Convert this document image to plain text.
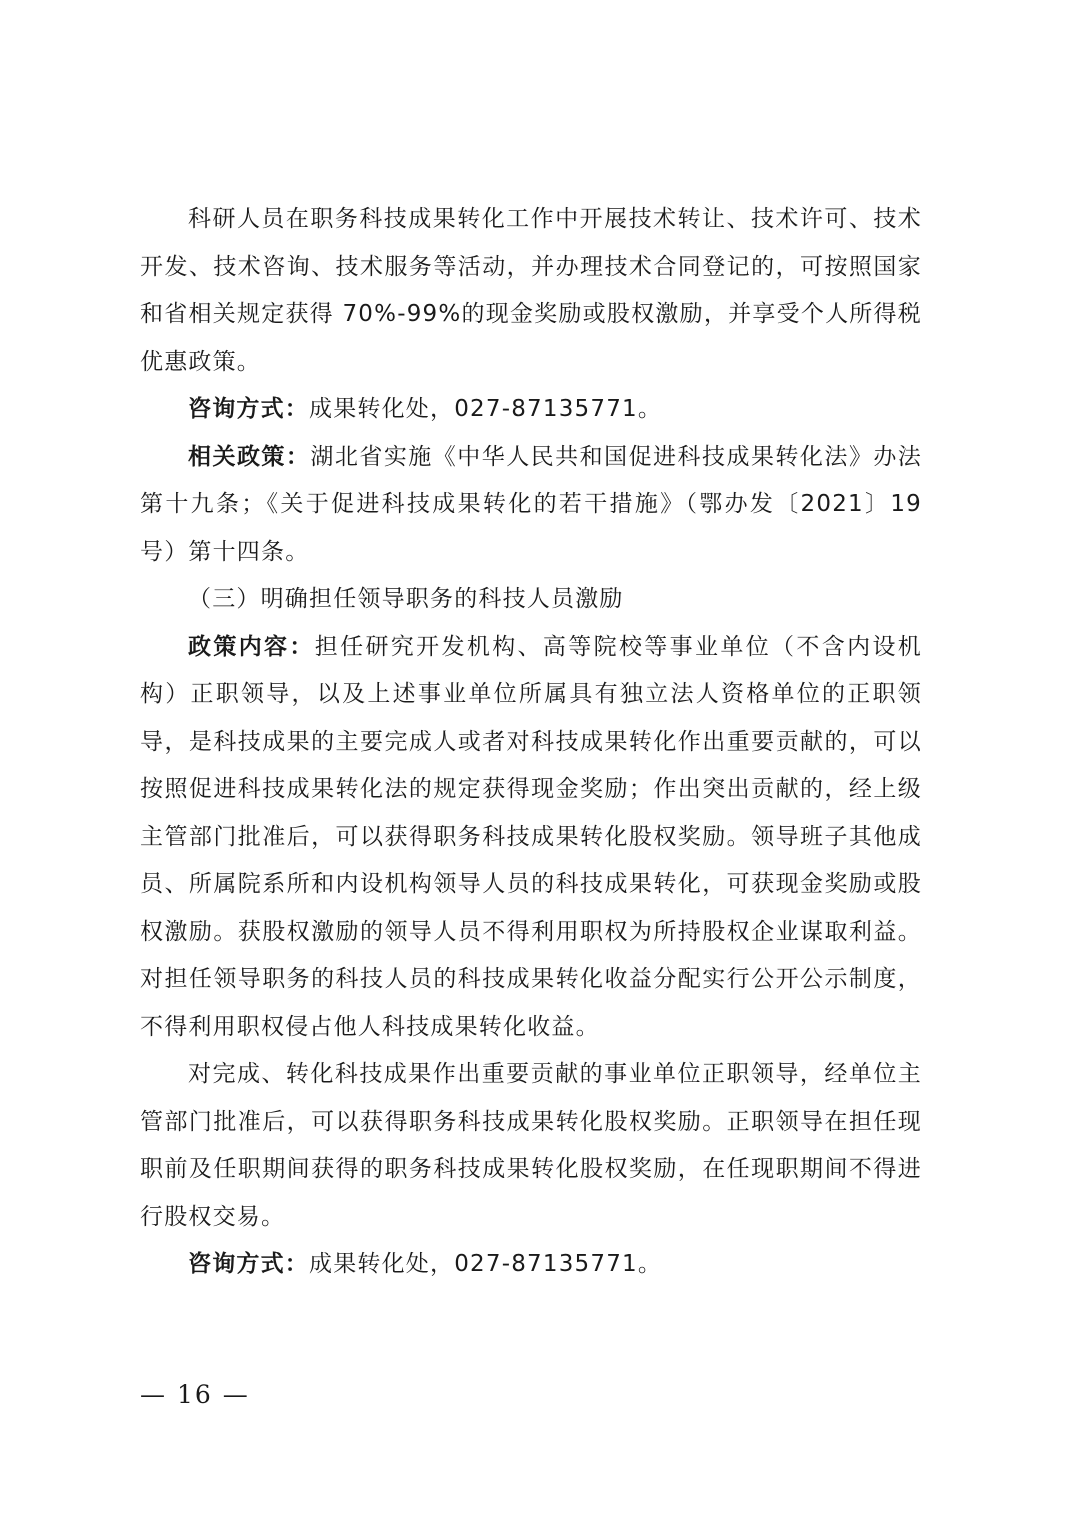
科研人员在职务科技成果转化工作中开展技术转让、技术许可、技术开发、技术咨询、技术服务等活动，并办理技术合同登记的，可按照国家和省相关规定获得 70%-99%的现金奖励或股权激励，并享受个人所得税优惠政策。

咨询方式：成果转化处，027-87135771。

相关政策：湖北省实施《中华人民共和国促进科技成果转化法》办法第十九条；《关于促进科技成果转化的若干措施》（鄂办发〔2021〕19 号）第十四条。

（三）明确担任领导职务的科技人员激励

政策内容：担任研究开发机构、高等院校等事业单位（不含内设机构）正职领导，以及上述事业单位所属具有独立法人资格单位的正职领导，是科技成果的主要完成人或者对科技成果转化作出重要贡献的，可以按照促进科技成果转化法的规定获得现金奖励；作出突出贡献的，经上级主管部门批准后，可以获得职务科技成果转化股权奖励。领导班子其他成员、所属院系所和内设机构领导人员的科技成果转化，可获现金奖励或股权激励。获股权激励的领导人员不得利用职权为所持股权企业谋取利益。对担任领导职务的科技人员的科技成果转化收益分配实行公开公示制度，不得利用职权侵占他人科技成果转化收益。

对完成、转化科技成果作出重要贡献的事业单位正职领导，经单位主管部门批准后，可以获得职务科技成果转化股权奖励。正职领导在担任现职前及任职期间获得的职务科技成果转化股权奖励，在任现职期间不得进行股权交易。

咨询方式：成果转化处，027-87135771。

— 16 —
